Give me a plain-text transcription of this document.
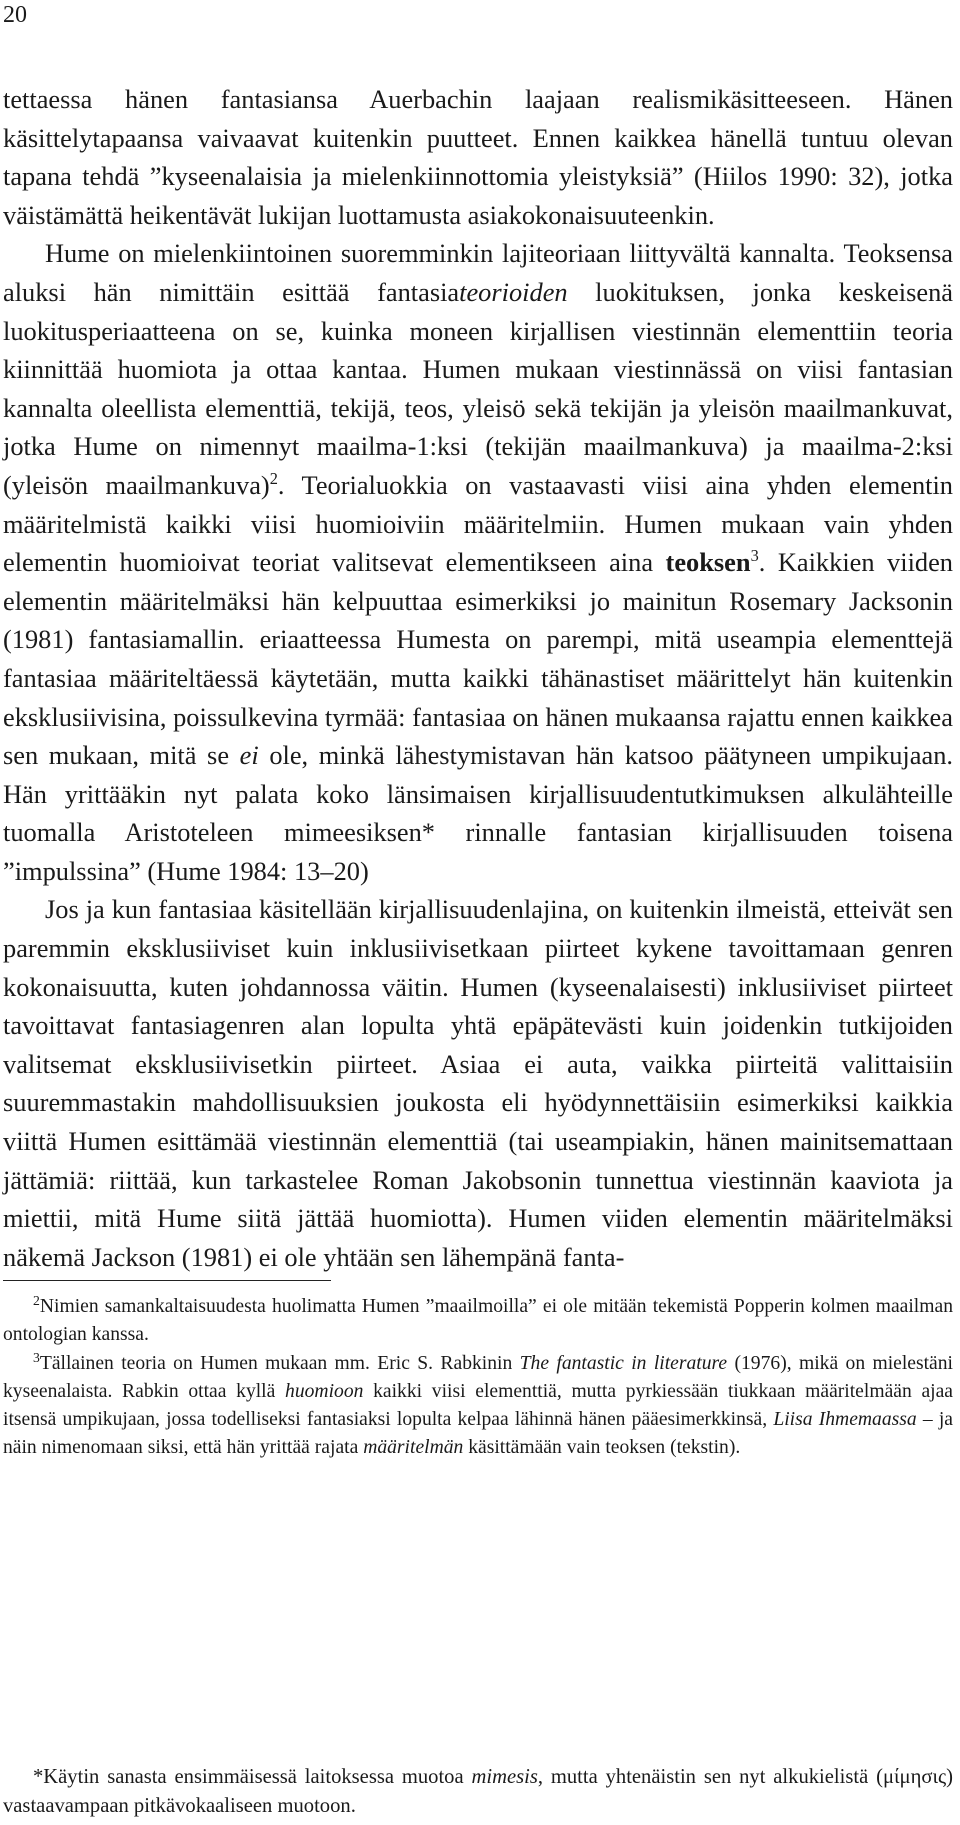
20

tettaessa hänen fantasiansa Auerbachin laajaan realismikäsitteeseen. Hänen käsittelytapaansa vaivaavat kuitenkin puutteet. Ennen kaikkea hänellä tuntuu olevan tapana tehdä ”kyseenalaisia ja mielenkiinnottomia yleistyksiä” (Hiilos 1990: 32), jotka väistämättä heikentävät lukijan luottamusta asiakokonaisuuteenkin.

Hume on mielenkiintoinen suoremminkin lajiteoriaan liittyvältä kannalta. Teoksensa aluksi hän nimittäin esittää fantasiateorioiden luokituksen, jonka keskeisenä luokitusperiaatteena on se, kuinka moneen kirjallisen viestinnän elementtiin teoria kiinnittää huomiota ja ottaa kantaa. Humen mukaan viestinnässä on viisi fantasian kannalta oleellista elementtiä, tekijä, teos, yleisö sekä tekijän ja yleisön maailmankuvat, jotka Hume on nimennyt maailma-1:ksi (tekijän maailmankuva) ja maailma-2:ksi (yleisön maailmankuva)$^2$. Teorialuokkia on vastaavasti viisi aina yhden elementin määritelmistä kaikki viisi huomioiviin määritelmiin. Humen mukaan vain yhden elementin huomioivat teoriat valitsevat elementikseen aina teoksen$^3$. Kaikkien viiden elementin määritelmäksi hän kelpuuttaa esimerkiksi jo mainitun Rosemary Jacksonin (1981) fantasiamallin. eriaatteessa Humesta on parempi, mitä useampia elementtejä fantasiaa määriteltäessä käytetään, mutta kaikki tähänastiset määrittelyt hän kuitenkin eksklusiivisina, poissulkevina tyrmää: fantasiaa on hänen mukaansa rajattu ennen kaikkea sen mukaan, mitä se ei ole, minkä lähestymistavan hän katsoo päätyneen umpikujaan. Hän yrittääkin nyt palata koko länsimaisen kirjallisuudentutkimuksen alkulähteille tuomalla Aristoteleen mimeesiksen* rinnalle fantasian kirjallisuuden toisena ”impulssina” (Hume 1984: 13–20)

Jos ja kun fantasiaa käsitellään kirjallisuudenlajina, on kuitenkin ilmeistä, etteivät sen paremmin eksklusiiviset kuin inklusiivisetkaan piirteet kykene tavoittamaan genren kokonaisuutta, kuten johdannossa väitin. Humen (kyseenalaisesti) inklusiiviset piirteet tavoittavat fantasiagenren alan lopulta yhtä epäpätevästi kuin joidenkin tutkijoiden valitsemat eksklusiivisetkin piirteet. Asiaa ei auta, vaikka piirteitä valittaisiin suuremmastakin mahdollisuuksien joukosta eli hyödynnettäisiin esimerkiksi kaikkia viittä Humen esittämää viestinnän elementtiä (tai useampiakin, hänen mainitsemattaan jättämiä: riittää, kun tarkastelee Roman Jakobsonin tunnettua viestinnän kaaviota ja miettii, mitä Hume siitä jättää huomiotta). Humen viiden elementin määritelmäksi näkemä Jackson (1981) ei ole yhtään sen lähempänä fanta-

$^2$Nimien samankaltaisuudesta huolimatta Humen ”maailmoilla” ei ole mitään tekemistä Popperin kolmen maailman ontologian kanssa.

$^3$Tällainen teoria on Humen mukaan mm. Eric S. Rabkinin The fantastic in literature (1976), mikä on mielestäni kyseenalaista. Rabkin ottaa kyllä huomioon kaikki viisi elementtiä, mutta pyrkiessään tiukkaan määritelmään ajaa itsensä umpikujaan, jossa todelliseksi fantasiaksi lopulta kelpaa lähinnä hänen pääesimerkkinsä, Liisa Ihmemaassa – ja näin nimenomaan siksi, että hän yrittää rajata määritelmän käsittämään vain teoksen (tekstin).

*Käytin sanasta ensimmäisessä laitoksessa muotoa mimesis, mutta yhtenäistin sen nyt alkukielistä (μίμησις) vastaavampaan pitkävokaaliseen muotoon.
